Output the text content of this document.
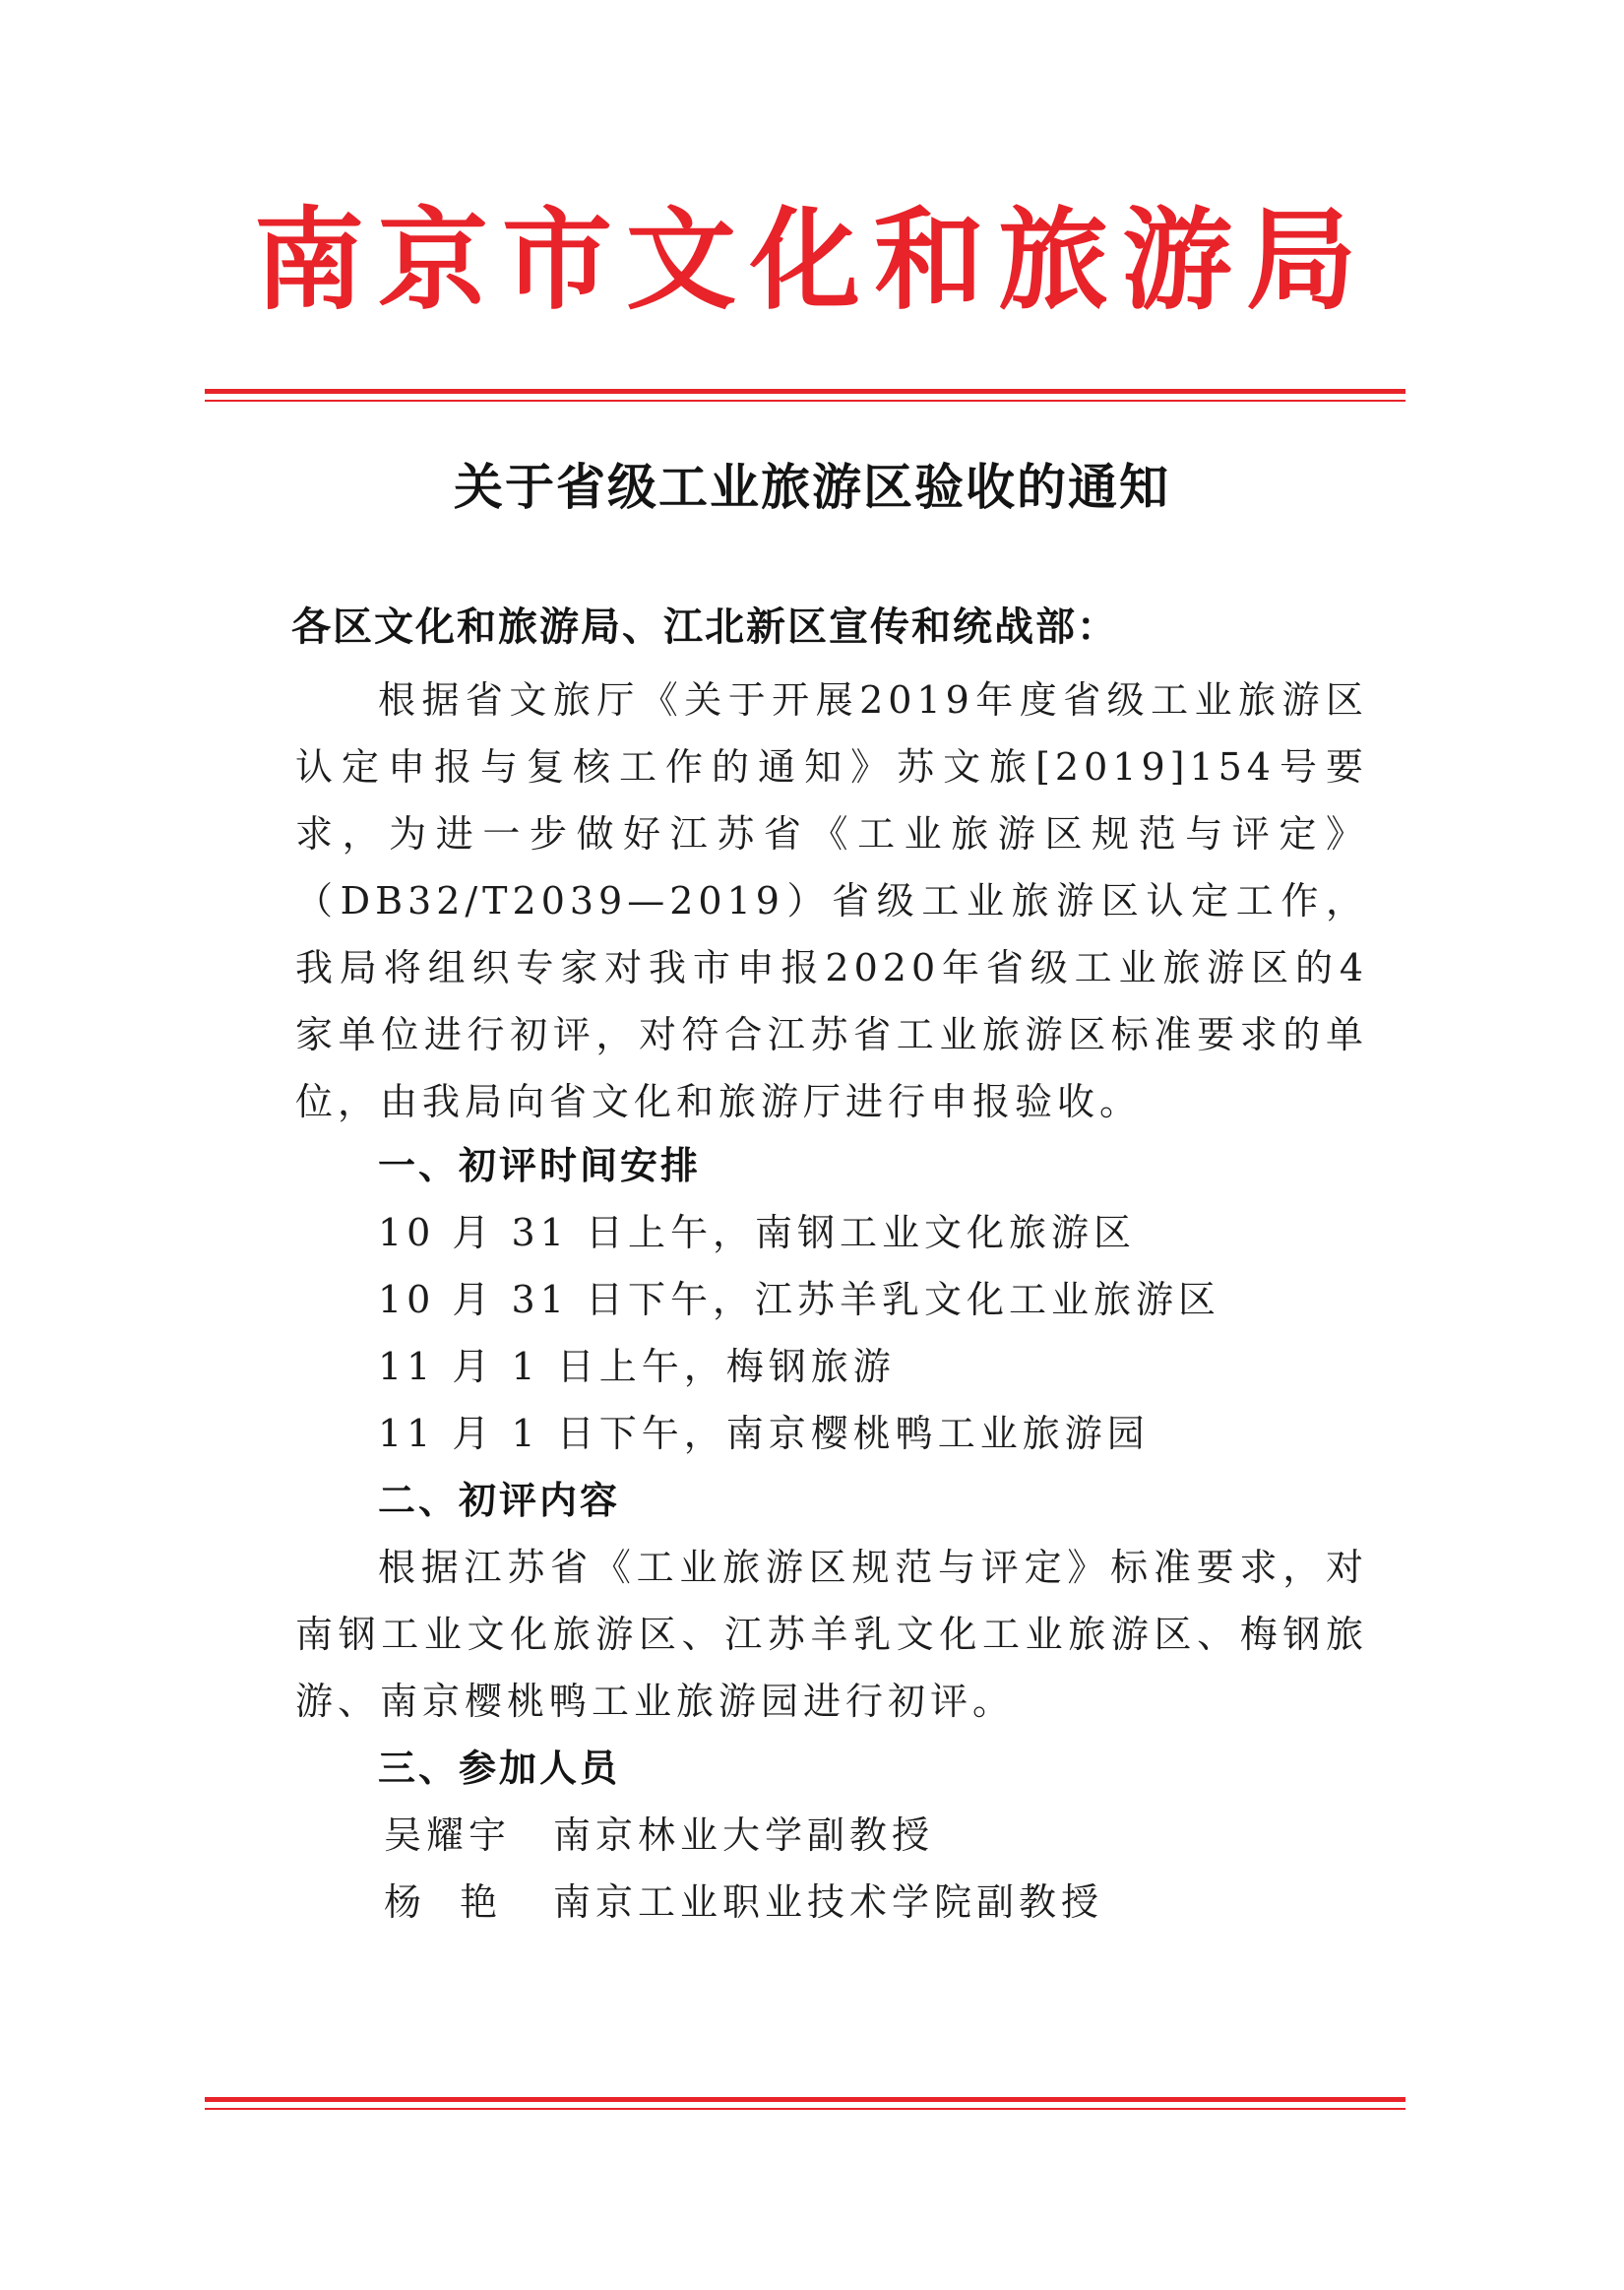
南京市文化和旅游局
关于省级工业旅游区验收的通知
各区文化和旅游局、江北新区宣传和统战部：
根据省文旅厅《关于开展2019年度省级工业旅游区认定申报与复核工作的通知》苏文旅[2019]154号要求，为进一步做好江苏省《工业旅游区规范与评定》（DB32/T2039—2019）省级工业旅游区认定工作，我局将组织专家对我市申报2020年省级工业旅游区的4家单位进行初评，对符合江苏省工业旅游区标准要求的单位，由我局向省文化和旅游厅进行申报验收。
一、初评时间安排
10 月 31 日上午，南钢工业文化旅游区
10 月 31 日下午，江苏羊乳文化工业旅游区
11 月 1 日上午，梅钢旅游
11 月 1 日下午，南京樱桃鸭工业旅游园
二、初评内容
根据江苏省《工业旅游区规范与评定》标准要求，对南钢工业文化旅游区、江苏羊乳文化工业旅游区、梅钢旅游、南京樱桃鸭工业旅游园进行初评。
三、参加人员
吴耀宇 南京林业大学副教授
杨  艳 南京工业职业技术学院副教授
